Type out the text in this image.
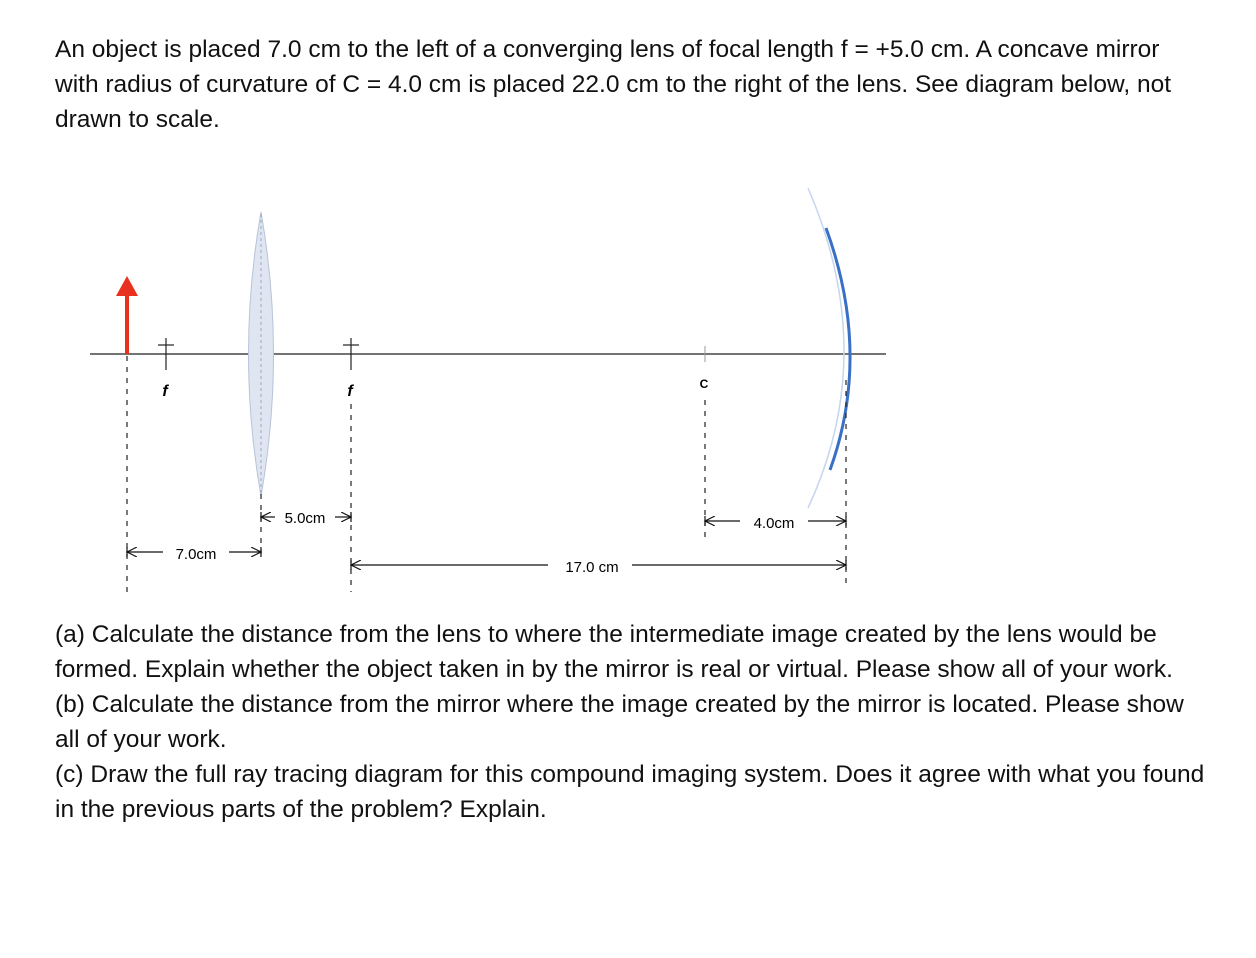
An object is placed 7.0 cm to the left of a converging lens of focal length f = +5.0 cm. A concave mirror with radius of curvature of C = 4.0 cm is placed 22.0 cm to the right of the lens. See diagram below, not drawn to scale.

f	f	C
5.0cm	4.0cm
7.0cm
17.0 cm

(a) Calculate the distance from the lens to where the intermediate image created by the lens would be formed. Explain whether the object taken in by the mirror is real or virtual. Please show all of your work.

(b) Calculate the distance from the mirror where the image created by the mirror is located. Please show all of your work.

(c) Draw the full ray tracing diagram for this compound imaging system. Does it agree with what you found in the previous parts of the problem? Explain.
